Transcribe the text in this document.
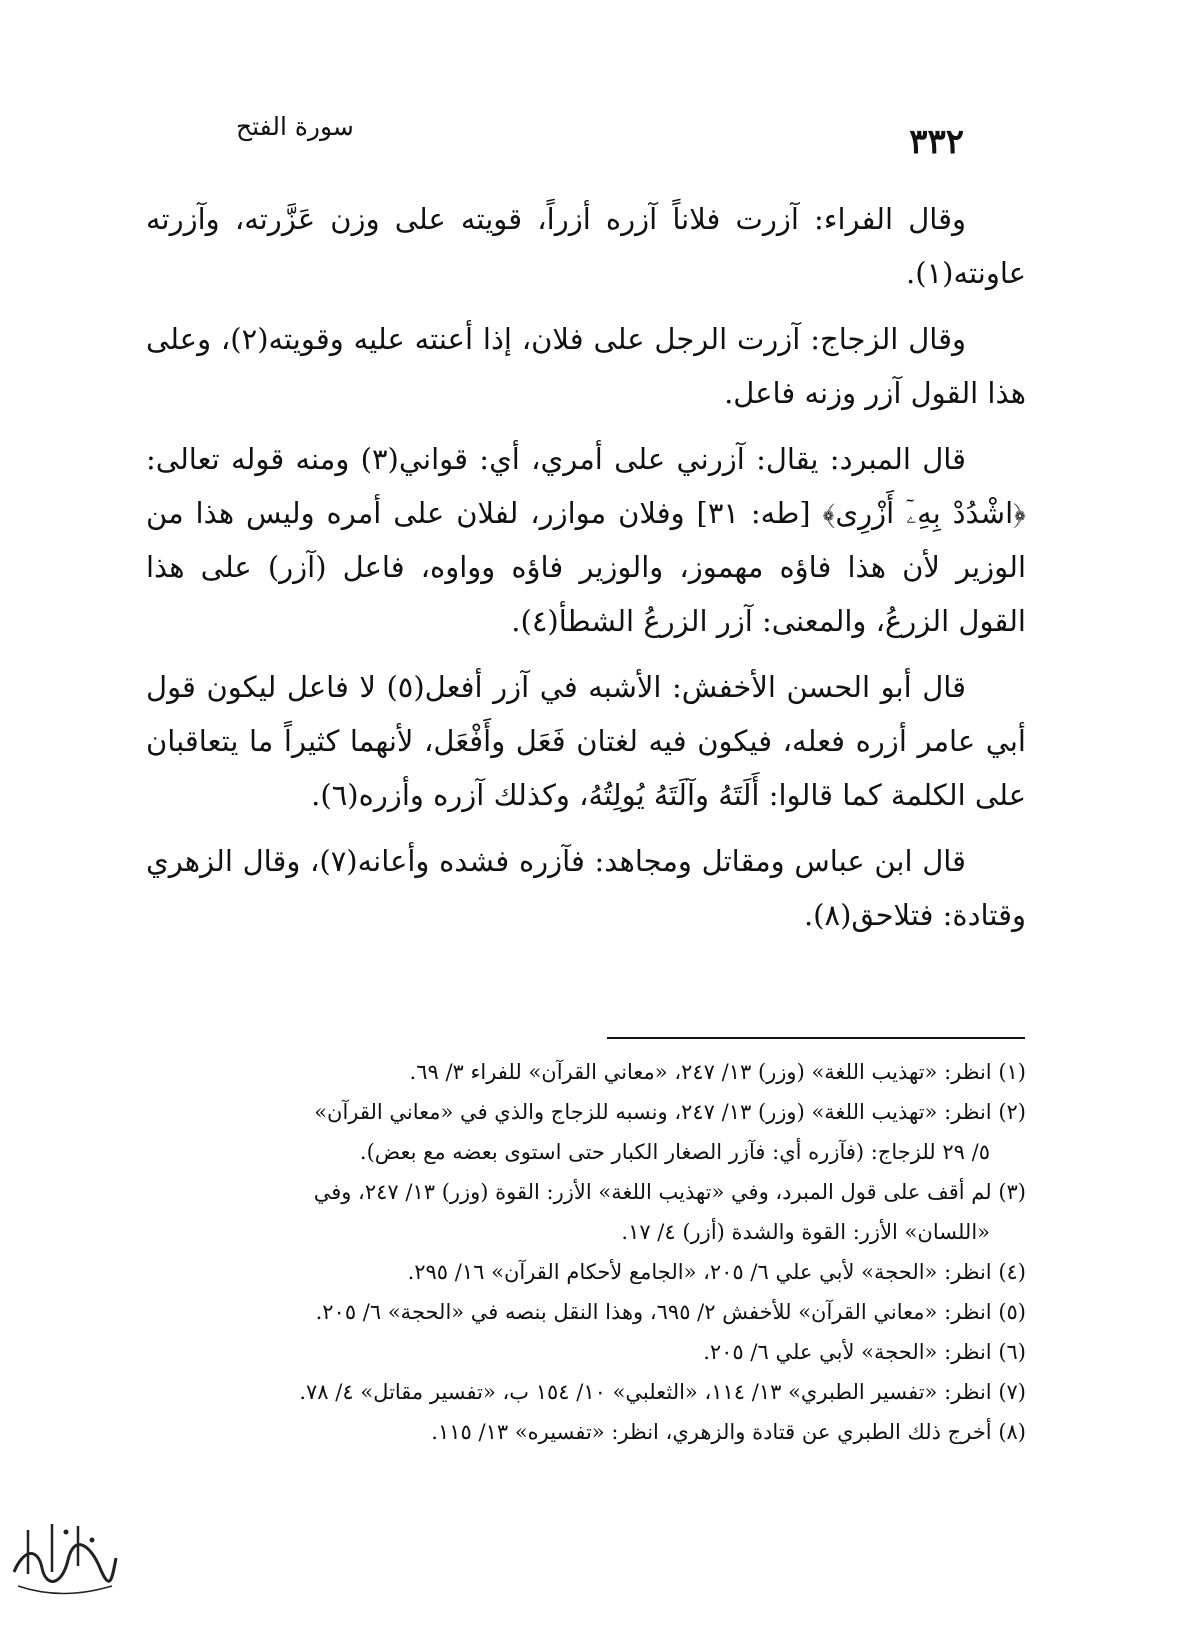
٣٣٢
سورة الفتح

وقال الفراء: آزرت فلاناً آزره أزراً، قويته على وزن عَزَّرته، وآزرته عاونته(١).

وقال الزجاج: آزرت الرجل على فلان، إذا أعنته عليه وقويته(٢)، وعلى هذا القول آزر وزنه فاعل.

قال المبرد: يقال: آزرني على أمري، أي: قواني(٣) ومنه قوله تعالى: ﴿اشْدُدْ بِهِۦٓ أَزْرِى﴾ [طه: ٣١] وفلان موازر، لفلان على أمره وليس هذا من الوزير لأن هذا فاؤه مهموز، والوزير فاؤه وواوه، فاعل (آزر) على هذا القول الزرعُ، والمعنى: آزر الزرعُ الشطأ(٤).

قال أبو الحسن الأخفش: الأشبه في آزر أفعل(٥) لا فاعل ليكون قول أبي عامر أزره فعله، فيكون فيه لغتان فَعَل وأَفْعَل، لأنهما كثيراً ما يتعاقبان على الكلمة كما قالوا: أَلَتَهُ وآلَتَهُ يُولِتُهُ، وكذلك آزره وأزره(٦).

قال ابن عباس ومقاتل ومجاهد: فآزره فشده وأعانه(٧)، وقال الزهري وقتادة: فتلاحق(٨).

(١) انظر: «تهذيب اللغة» (وزر) ١٣/ ٢٤٧، «معاني القرآن» للفراء ٣/ ٦٩.
(٢) انظر: «تهذيب اللغة» (وزر) ١٣/ ٢٤٧، ونسبه للزجاج والذي في «معاني القرآن»
٥/ ٢٩ للزجاج: (فآزره أي: فآزر الصغار الكبار حتى استوى بعضه مع بعض).
(٣) لم أقف على قول المبرد، وفي «تهذيب اللغة» الأزر: القوة (وزر) ١٣/ ٢٤٧، وفي
«اللسان» الأزر: القوة والشدة (أزر) ٤/ ١٧.
(٤) انظر: «الحجة» لأبي علي ٦/ ٢٠٥، «الجامع لأحكام القرآن» ١٦/ ٢٩٥.
(٥) انظر: «معاني القرآن» للأخفش ٢/ ٦٩٥، وهذا النقل بنصه في «الحجة» ٦/ ٢٠٥.
(٦) انظر: «الحجة» لأبي علي ٦/ ٢٠٥.
(٧) انظر: «تفسير الطبري» ١٣/ ١١٤، «الثعلبي» ١٠/ ١٥٤ ب، «تفسير مقاتل» ٤/ ٧٨.
(٨) أخرج ذلك الطبري عن قتادة والزهري، انظر: «تفسيره» ١٣/ ١١٥.
